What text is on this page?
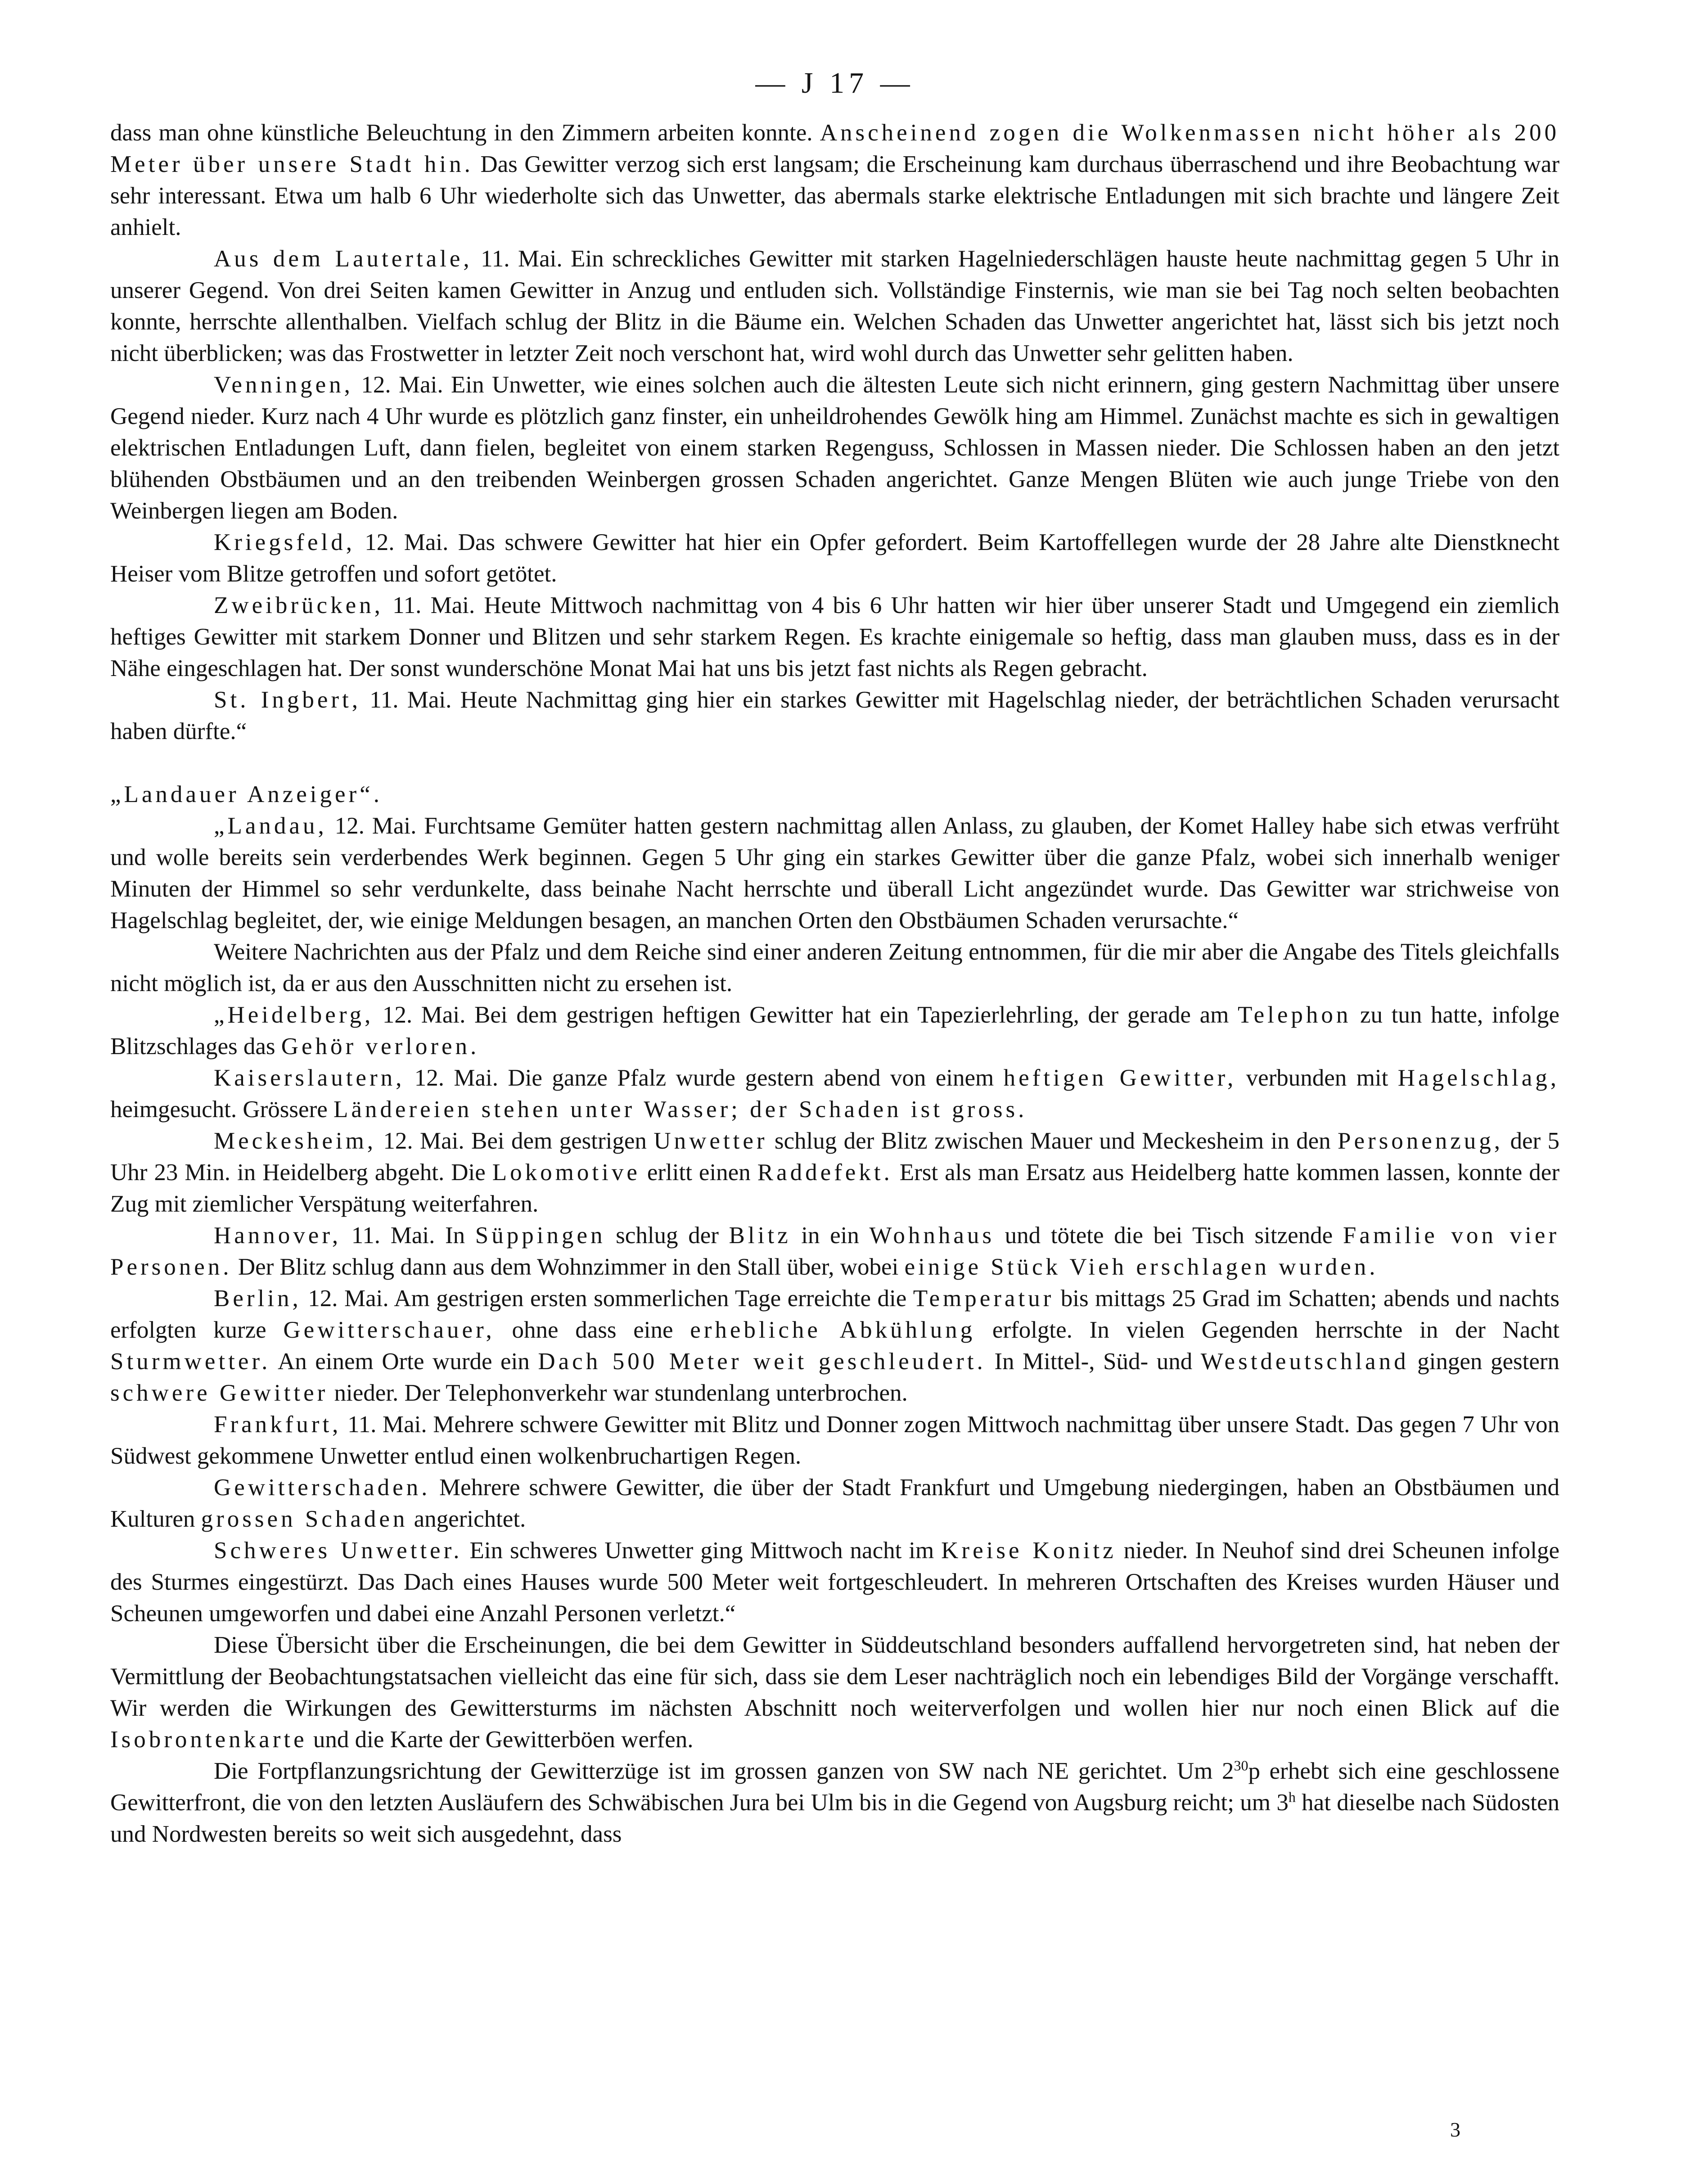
— J 17 —

dass man ohne künstliche Beleuchtung in den Zimmern arbeiten konnte. Anscheinend zogen die Wolkenmassen nicht höher als 200 Meter über unsere Stadt hin. Das Gewitter verzog sich erst langsam; die Erscheinung kam durchaus überraschend und ihre Beobachtung war sehr interessant. Etwa um halb 6 Uhr wiederholte sich das Unwetter, das abermals starke elektrische Entladungen mit sich brachte und längere Zeit anhielt.

Aus dem Lautertale, 11. Mai. Ein schreckliches Gewitter mit starken Hagelniederschlägen hauste heute nachmittag gegen 5 Uhr in unserer Gegend. Von drei Seiten kamen Gewitter in Anzug und entluden sich. Vollständige Finsternis, wie man sie bei Tag noch selten beobachten konnte, herrschte allenthalben. Vielfach schlug der Blitz in die Bäume ein. Welchen Schaden das Unwetter angerichtet hat, lässt sich bis jetzt noch nicht überblicken; was das Frostwetter in letzter Zeit noch verschont hat, wird wohl durch das Unwetter sehr gelitten haben.

Venningen, 12. Mai. Ein Unwetter, wie eines solchen auch die ältesten Leute sich nicht erinnern, ging gestern Nachmittag über unsere Gegend nieder. Kurz nach 4 Uhr wurde es plötzlich ganz finster, ein unheildrohendes Gewölk hing am Himmel. Zunächst machte es sich in gewaltigen elektrischen Entladungen Luft, dann fielen, begleitet von einem starken Regenguss, Schlossen in Massen nieder. Die Schlossen haben an den jetzt blühenden Obstbäumen und an den treibenden Weinbergen grossen Schaden angerichtet. Ganze Mengen Blüten wie auch junge Triebe von den Weinbergen liegen am Boden.

Kriegsfeld, 12. Mai. Das schwere Gewitter hat hier ein Opfer gefordert. Beim Kartoffellegen wurde der 28 Jahre alte Dienstknecht Heiser vom Blitze getroffen und sofort getötet.

Zweibrücken, 11. Mai. Heute Mittwoch nachmittag von 4 bis 6 Uhr hatten wir hier über unserer Stadt und Umgegend ein ziemlich heftiges Gewitter mit starkem Donner und Blitzen und sehr starkem Regen. Es krachte einigemale so heftig, dass man glauben muss, dass es in der Nähe eingeschlagen hat. Der sonst wunderschöne Monat Mai hat uns bis jetzt fast nichts als Regen gebracht.

St. Ingbert, 11. Mai. Heute Nachmittag ging hier ein starkes Gewitter mit Hagelschlag nieder, der beträchtlichen Schaden verursacht haben dürfte.“

„Landauer Anzeiger“.

„Landau, 12. Mai. Furchtsame Gemüter hatten gestern nachmittag allen Anlass, zu glauben, der Komet Halley habe sich etwas verfrüht und wolle bereits sein verderbendes Werk beginnen. Gegen 5 Uhr ging ein starkes Gewitter über die ganze Pfalz, wobei sich innerhalb weniger Minuten der Himmel so sehr verdunkelte, dass beinahe Nacht herrschte und überall Licht angezündet wurde. Das Gewitter war strichweise von Hagelschlag begleitet, der, wie einige Meldungen besagen, an manchen Orten den Obstbäumen Schaden verursachte.“

Weitere Nachrichten aus der Pfalz und dem Reiche sind einer anderen Zeitung entnommen, für die mir aber die Angabe des Titels gleichfalls nicht möglich ist, da er aus den Ausschnitten nicht zu ersehen ist.

„Heidelberg, 12. Mai. Bei dem gestrigen heftigen Gewitter hat ein Tapezierlehrling, der gerade am Telephon zu tun hatte, infolge Blitzschlages das Gehör verloren.

Kaiserslautern, 12. Mai. Die ganze Pfalz wurde gestern abend von einem heftigen Gewitter, verbunden mit Hagelschlag, heimgesucht. Grössere Ländereien stehen unter Wasser; der Schaden ist gross.

Meckesheim, 12. Mai. Bei dem gestrigen Unwetter schlug der Blitz zwischen Mauer und Meckesheim in den Personenzug, der 5 Uhr 23 Min. in Heidelberg abgeht. Die Lokomotive erlitt einen Raddefekt. Erst als man Ersatz aus Heidelberg hatte kommen lassen, konnte der Zug mit ziemlicher Verspätung weiterfahren.

Hannover, 11. Mai. In Süppingen schlug der Blitz in ein Wohnhaus und tötete die bei Tisch sitzende Familie von vier Personen. Der Blitz schlug dann aus dem Wohnzimmer in den Stall über, wobei einige Stück Vieh erschlagen wurden.

Berlin, 12. Mai. Am gestrigen ersten sommerlichen Tage erreichte die Temperatur bis mittags 25 Grad im Schatten; abends und nachts erfolgten kurze Gewitterschauer, ohne dass eine erhebliche Abkühlung erfolgte. In vielen Gegenden herrschte in der Nacht Sturmwetter. An einem Orte wurde ein Dach 500 Meter weit geschleudert. In Mittel-, Süd- und Westdeutschland gingen gestern schwere Gewitter nieder. Der Telephonverkehr war stundenlang unterbrochen.

Frankfurt, 11. Mai. Mehrere schwere Gewitter mit Blitz und Donner zogen Mittwoch nachmittag über unsere Stadt. Das gegen 7 Uhr von Südwest gekommene Unwetter entlud einen wolkenbruchartigen Regen.

Gewitterschaden. Mehrere schwere Gewitter, die über der Stadt Frankfurt und Umgebung niedergingen, haben an Obstbäumen und Kulturen grossen Schaden angerichtet.

Schweres Unwetter. Ein schweres Unwetter ging Mittwoch nacht im Kreise Konitz nieder. In Neuhof sind drei Scheunen infolge des Sturmes eingestürzt. Das Dach eines Hauses wurde 500 Meter weit fortgeschleudert. In mehreren Ortschaften des Kreises wurden Häuser und Scheunen umgeworfen und dabei eine Anzahl Personen verletzt.“

Diese Übersicht über die Erscheinungen, die bei dem Gewitter in Süddeutschland besonders auffallend hervorgetreten sind, hat neben der Vermittlung der Beobachtungstatsachen vielleicht das eine für sich, dass sie dem Leser nachträglich noch ein lebendiges Bild der Vorgänge verschafft. Wir werden die Wirkungen des Gewittersturms im nächsten Abschnitt noch weiterverfolgen und wollen hier nur noch einen Blick auf die Isobrontenkarte und die Karte der Gewitterböen werfen.

Die Fortpflanzungsrichtung der Gewitterzüge ist im grossen ganzen von SW nach NE gerichtet. Um $2^{30}p$ erhebt sich eine geschlossene Gewitterfront, die von den letzten Ausläufern des Schwäbischen Jura bei Ulm bis in die Gegend von Augsburg reicht; um 3$^h$ hat dieselbe nach Südosten und Nordwesten bereits so weit sich ausgedehnt, dass

3
